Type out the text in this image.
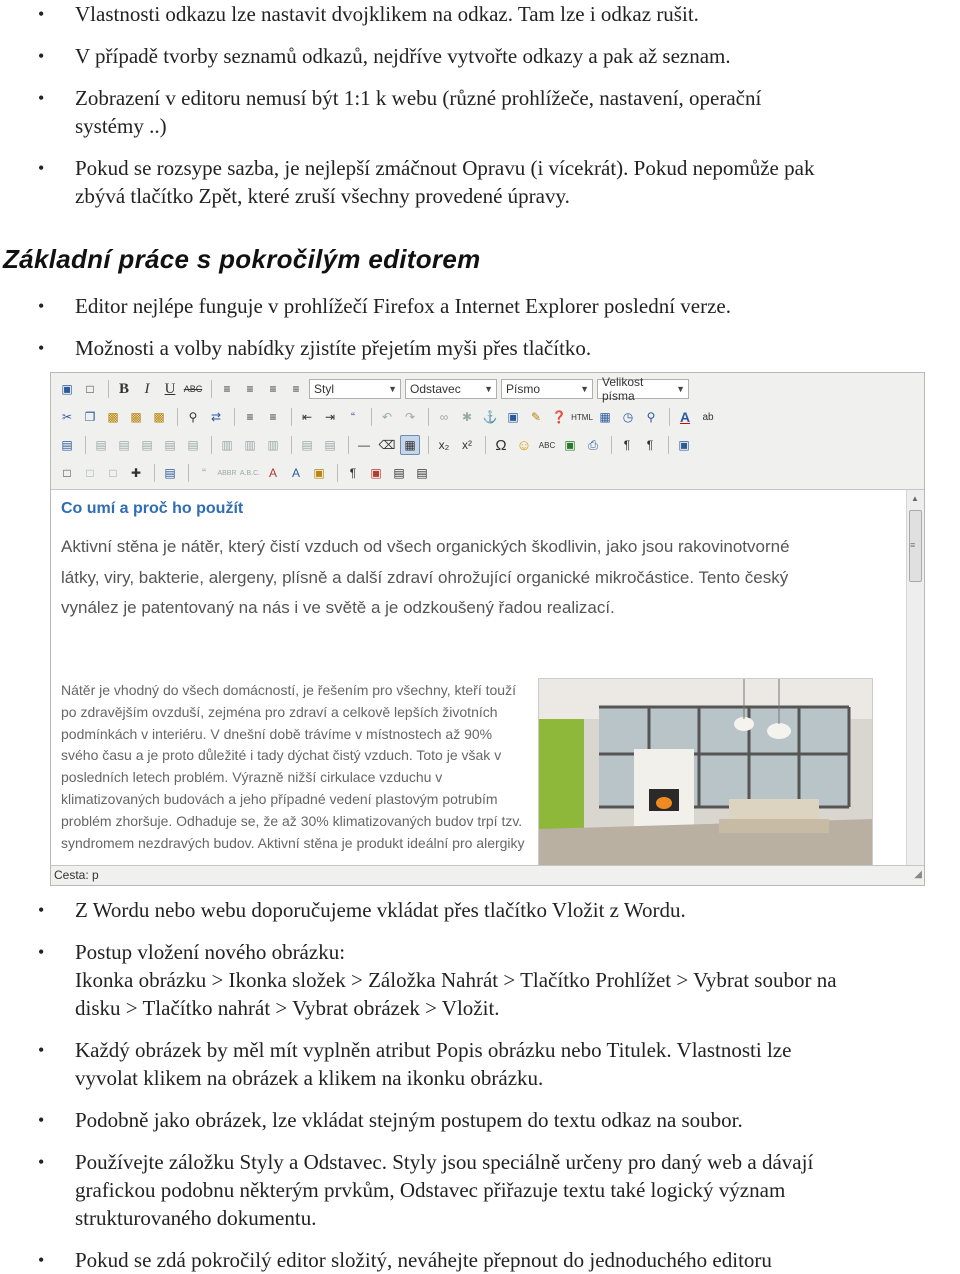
• Vlastnosti odkazu lze nastavit dvojklikem na odkaz. Tam lze i odkaz rušit.
• V případě tvorby seznamů odkazů, nejdříve vytvořte odkazy a pak až seznam.
• Zobrazení v editoru nemusí být 1:1 k webu (různé prohlížeče, nastavení, operační
systémy ..)
• Pokud se rozsype sazba, je nejlepší zmáčnout Opravu (i vícekrát). Pokud nepomůže pak
zbývá tlačítko Zpět, které zruší všechny provedené úpravy.
Základní práce s pokročilým editorem
• Editor nejlépe funguje v prohlížečí Firefox a Internet Explorer poslední verze.
• Možnosti a volby nabídky zjistíte přejetím myši přes tlačítko.
▣	□	B	I	U ABC	≡	≡	≡	≡	Styl	▼ Odstavec	▼ Písmo	▼ Velikost písma	▼
✂	❐ ▩ ▩ ▩	⚲	⇄	≡	≡	⇤	⇥	“	↶	↷	∞	✱ ⚓ ▣	✎ ❓ HTML ▦	◷	⚲	A	ab
▤	▤ ▤ ▤ ▤ ▤	▥ ▥ ▥	▤ ▤	— ⌫ ▦	x₂	x²	Ω ☺ ABC ▣	⎙	¶	¶	▣
□	□	□	✚	▤	“	ABBR A.B.C. A	A	▣	¶	▣ ▤ ▤
Co umí a proč ho použít
Aktivní stěna je nátěr, který čistí vzduch od všech organických škodlivin, jako jsou rakovinotvorné látky, viry, bakterie, alergeny, plísně a další zdraví ohrožující organické mikročástice. Tento český vynález je patentovaný na nás i ve světě a je odzkoušený řadou realizací.
Nátěr je vhodný do všech domácností, je řešením pro všechny, kteří touží po zdravějším ovzduší, zejména pro zdraví a celkově lepších životních podmínkách v interiéru. V dnešní době trávíme v místnostech až 90% svého času a je proto důležité i tady dýchat čistý vzduch. Toto je však v posledních letech problém. Výrazně nižší cirkulace vzduchu v klimatizovaných budovách a jeho případné vedení plastovým potrubím problém zhoršuje. Odhaduje se, že až 30% klimatizovaných budov trpí tzv. syndromem nezdravých budov. Aktivní stěna je produkt ideální pro alergiky
▲
≡
Cesta: p	◢
• Z Wordu nebo webu doporučujeme vkládat přes tlačítko Vložit z Wordu.
• Postup vložení nového obrázku:
Ikonka obrázku > Ikonka složek > Záložka Nahrát > Tlačítko Prohlížet > Vybrat soubor na
disku > Tlačítko nahrát > Vybrat obrázek > Vložit.
• Každý obrázek by měl mít vyplněn atribut Popis obrázku nebo Titulek. Vlastnosti lze
vyvolat klikem na obrázek a klikem na ikonku obrázku.
• Podobně jako obrázek, lze vkládat stejným postupem do textu odkaz na soubor.
• Používejte záložku Styly a Odstavec. Styly jsou speciálně určeny pro daný web a dávají
grafickou podobnu některým prvkům, Odstavec přiřazuje textu také logický význam
strukturovaného dokumentu.
• Pokud se zdá pokročilý editor složitý, neváhejte přepnout do jednoduchého editoru
